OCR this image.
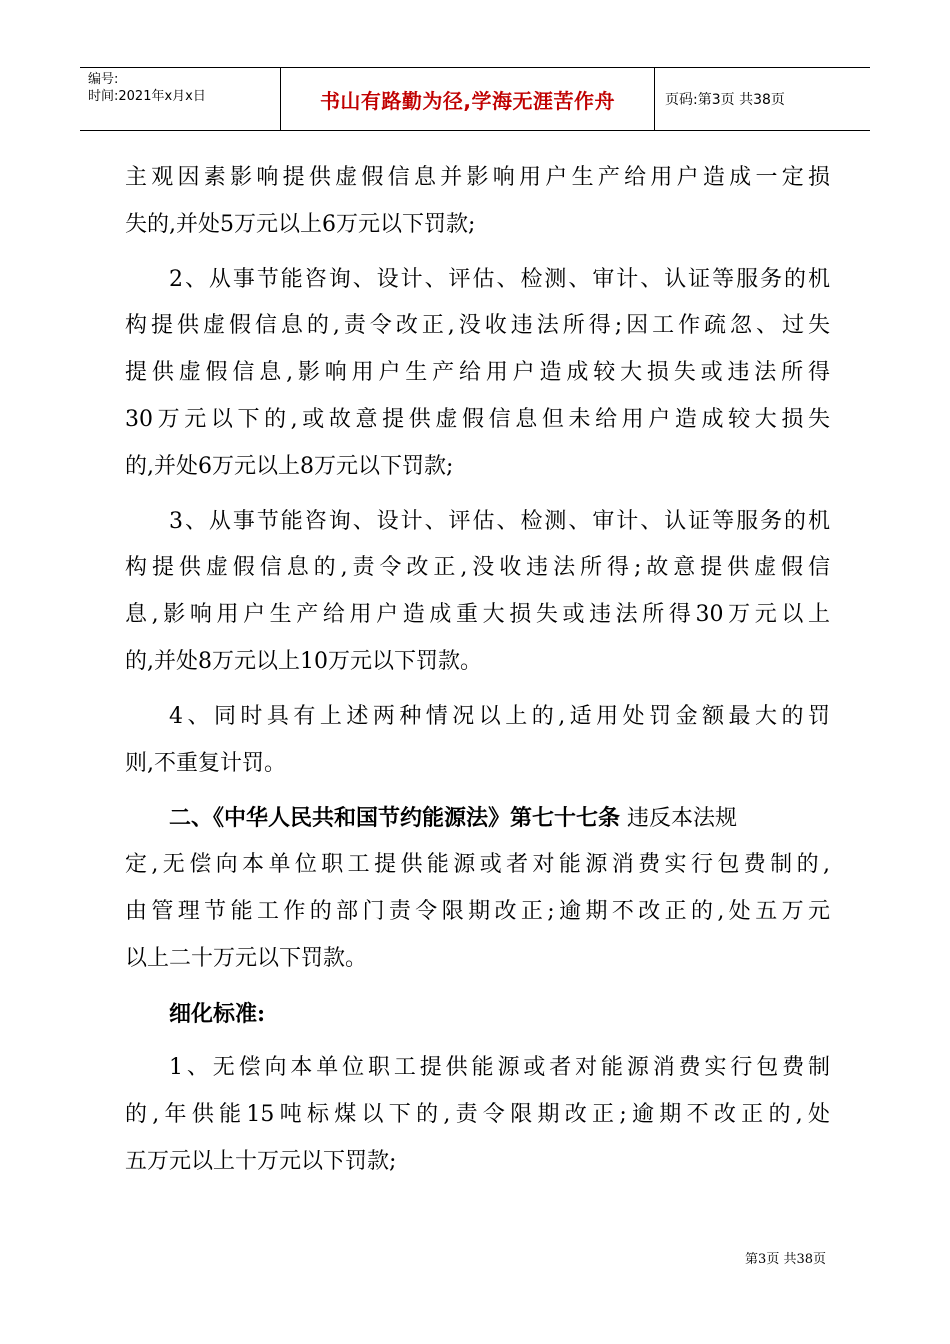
编号:
时间:2021年x月x日	书山有路勤为径,学海无涯苦作舟	页码:第3页 共38页
主观因素影响提供虚假信息并影响用户生产给用户造成一定损
失的,并处5万元以上6万元以下罚款;
2、从事节能咨询、设计、评估、检测、审计、认证等服务的机
构提供虚假信息的,责令改正,没收违法所得;因工作疏忽、过失
提供虚假信息,影响用户生产给用户造成较大损失或违法所得
30万元以下的,或故意提供虚假信息但未给用户造成较大损失
的,并处6万元以上8万元以下罚款;
3、从事节能咨询、设计、评估、检测、审计、认证等服务的机
构提供虚假信息的,责令改正,没收违法所得;故意提供虚假信
息,影响用户生产给用户造成重大损失或违法所得30万元以上
的,并处8万元以上10万元以下罚款。
4、同时具有上述两种情况以上的,适用处罚金额最大的罚
则,不重复计罚。
二、《中华人民共和国节约能源法》第七十七条 违反本法规
定,无偿向本单位职工提供能源或者对能源消费实行包费制的,
由管理节能工作的部门责令限期改正;逾期不改正的,处五万元
以上二十万元以下罚款。
细化标准:
1、无偿向本单位职工提供能源或者对能源消费实行包费制
的,年供能15吨标煤以下的,责令限期改正;逾期不改正的,处
五万元以上十万元以下罚款;
第3页 共38页
